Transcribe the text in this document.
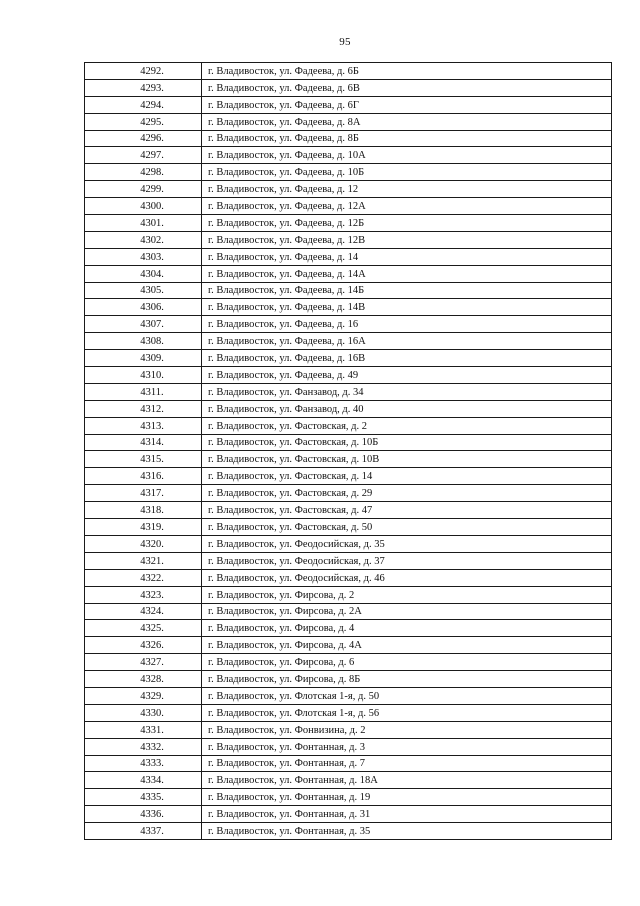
95
4292.	г. Владивосток, ул. Фадеева, д. 6Б
4293.	г. Владивосток, ул. Фадеева, д. 6В
4294.	г. Владивосток, ул. Фадеева, д. 6Г
4295.	г. Владивосток, ул. Фадеева, д. 8А
4296.	г. Владивосток, ул. Фадеева, д. 8Б
4297.	г. Владивосток, ул. Фадеева, д. 10А
4298.	г. Владивосток, ул. Фадеева, д. 10Б
4299.	г. Владивосток, ул. Фадеева, д. 12
4300.	г. Владивосток, ул. Фадеева, д. 12А
4301.	г. Владивосток, ул. Фадеева, д. 12Б
4302.	г. Владивосток, ул. Фадеева, д. 12В
4303.	г. Владивосток, ул. Фадеева, д. 14
4304.	г. Владивосток, ул. Фадеева, д. 14А
4305.	г. Владивосток, ул. Фадеева, д. 14Б
4306.	г. Владивосток, ул. Фадеева, д. 14В
4307.	г. Владивосток, ул. Фадеева, д. 16
4308.	г. Владивосток, ул. Фадеева, д. 16А
4309.	г. Владивосток, ул. Фадеева, д. 16В
4310.	г. Владивосток, ул. Фадеева, д. 49
4311.	г. Владивосток, ул. Фанзавод, д. 34
4312.	г. Владивосток, ул. Фанзавод, д. 40
4313.	г. Владивосток, ул. Фастовская, д. 2
4314.	г. Владивосток, ул. Фастовская, д. 10Б
4315.	г. Владивосток, ул. Фастовская, д. 10В
4316.	г. Владивосток, ул. Фастовская, д. 14
4317.	г. Владивосток, ул. Фастовская, д. 29
4318.	г. Владивосток, ул. Фастовская, д. 47
4319.	г. Владивосток, ул. Фастовская, д. 50
4320.	г. Владивосток, ул. Феодосийская, д. 35
4321.	г. Владивосток, ул. Феодосийская, д. 37
4322.	г. Владивосток, ул. Феодосийская, д. 46
4323.	г. Владивосток, ул. Фирсова, д. 2
4324.	г. Владивосток, ул. Фирсова, д. 2А
4325.	г. Владивосток, ул. Фирсова, д. 4
4326.	г. Владивосток, ул. Фирсова, д. 4А
4327.	г. Владивосток, ул. Фирсова, д. 6
4328.	г. Владивосток, ул. Фирсова, д. 8Б
4329.	г. Владивосток, ул. Флотская 1-я, д. 50
4330.	г. Владивосток, ул. Флотская 1-я, д. 56
4331.	г. Владивосток, ул. Фонвизина, д. 2
4332.	г. Владивосток, ул. Фонтанная, д. 3
4333.	г. Владивосток, ул. Фонтанная, д. 7
4334.	г. Владивосток, ул. Фонтанная, д. 18А
4335.	г. Владивосток, ул. Фонтанная, д. 19
4336.	г. Владивосток, ул. Фонтанная, д. 31
4337.	г. Владивосток, ул. Фонтанная, д. 35
